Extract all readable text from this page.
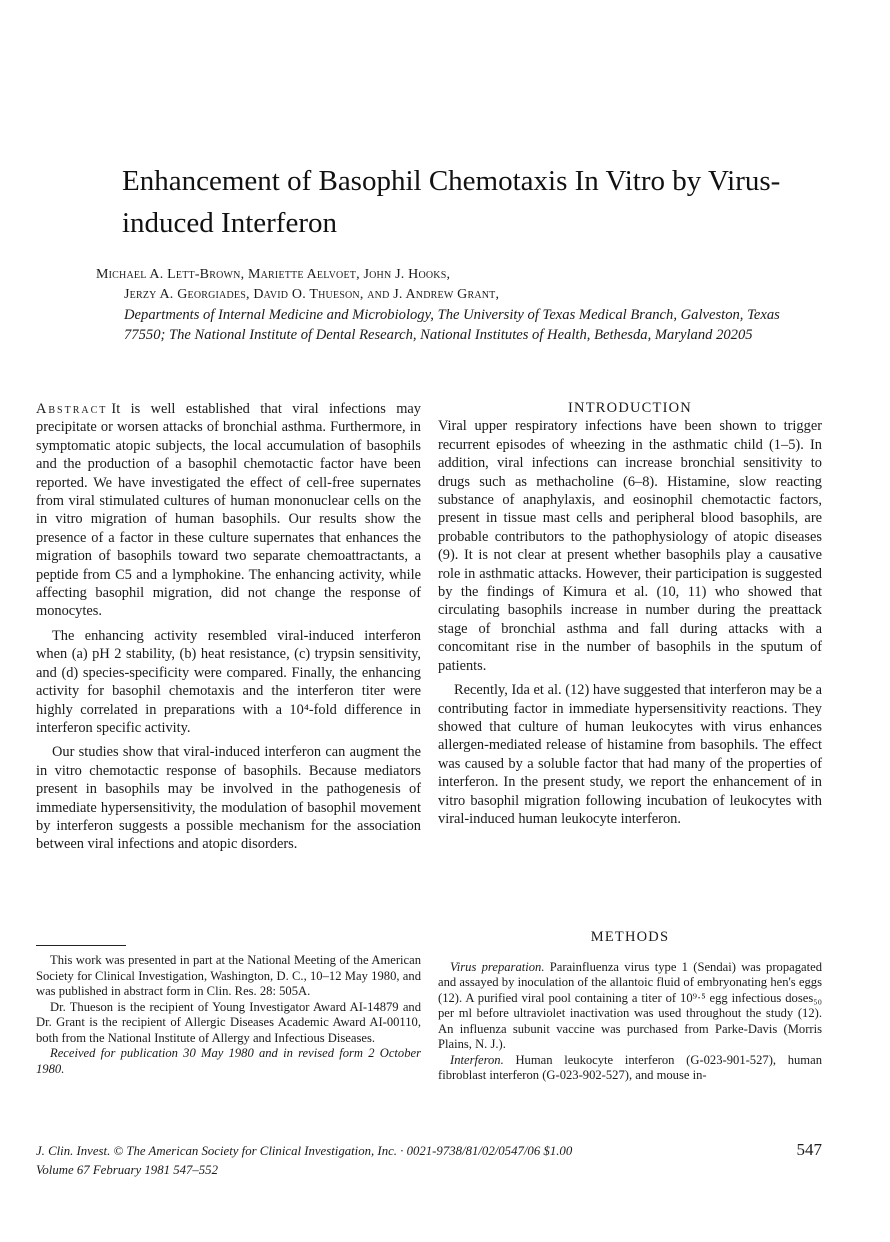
Enhancement of Basophil Chemotaxis In Vitro by Virus-induced Interferon
Michael A. Lett-Brown, Mariette Aelvoet, John J. Hooks,
Jerzy A. Georgiades, David O. Thueson, and J. Andrew Grant,
Departments of Internal Medicine and Microbiology, The University of Texas Medical Branch, Galveston, Texas 77550; The National Institute of Dental Research, National Institutes of Health, Bethesda, Maryland 20205

Abstract It is well established that viral infections may precipitate or worsen attacks of bronchial asthma. Furthermore, in symptomatic atopic subjects, the local accumulation of basophils and the production of a basophil chemotactic factor have been reported. We have investigated the effect of cell-free supernates from viral stimulated cultures of human mononuclear cells on the in vitro migration of human basophils. Our results show the presence of a factor in these culture supernates that enhances the migration of basophils toward two separate chemoattractants, a peptide from C5 and a lymphokine. The enhancing activity, while affecting basophil migration, did not change the response of monocytes.

The enhancing activity resembled viral-induced interferon when (a) pH 2 stability, (b) heat resistance, (c) trypsin sensitivity, and (d) species-specificity were compared. Finally, the enhancing activity for basophil chemotaxis and the interferon titer were highly correlated in preparations with a 10⁴-fold difference in interferon specific activity.

Our studies show that viral-induced interferon can augment the in vitro chemotactic response of basophils. Because mediators present in basophils may be involved in the pathogenesis of immediate hypersensitivity, the modulation of basophil movement by interferon suggests a possible mechanism for the association between viral infections and atopic disorders.

INTRODUCTION

Viral upper respiratory infections have been shown to trigger recurrent episodes of wheezing in the asthmatic child (1–5). In addition, viral infections can increase bronchial sensitivity to drugs such as methacholine (6–8). Histamine, slow reacting substance of anaphylaxis, and eosinophil chemotactic factors, present in tissue mast cells and peripheral blood basophils, are probable contributors to the pathophysiology of atopic diseases (9). It is not clear at present whether basophils play a causative role in asthmatic attacks. However, their participation is suggested by the findings of Kimura et al. (10, 11) who showed that circulating basophils increase in number during the preattack stage of bronchial asthma and fall during attacks with a concomitant rise in the number of basophils in the sputum of patients.

Recently, Ida et al. (12) have suggested that interferon may be a contributing factor in immediate hypersensitivity reactions. They showed that culture of human leukocytes with virus enhances allergen-mediated release of histamine from basophils. The effect was caused by a soluble factor that had many of the properties of interferon. In the present study, we report the enhancement of in vitro basophil migration following incubation of leukocytes with viral-induced human leukocyte interferon.

This work was presented in part at the National Meeting of the American Society for Clinical Investigation, Washington, D. C., 10–12 May 1980, and was published in abstract form in Clin. Res. 28: 505A.

Dr. Thueson is the recipient of Young Investigator Award AI-14879 and Dr. Grant is the recipient of Allergic Diseases Academic Award AI-00110, both from the National Institute of Allergy and Infectious Diseases.

Received for publication 30 May 1980 and in revised form 2 October 1980.

METHODS

Virus preparation. Parainfluenza virus type 1 (Sendai) was propagated and assayed by inoculation of the allantoic fluid of embryonating hen's eggs (12). A purified viral pool containing a titer of 10⁹·⁵ egg infectious doses₅₀ per ml before ultraviolet inactivation was used throughout the study (12). An influenza subunit vaccine was purchased from Parke-Davis (Morris Plains, N. J.).

Interferon. Human leukocyte interferon (G-023-901-527), human fibroblast interferon (G-023-902-527), and mouse in-

J. Clin. Invest. © The American Society for Clinical Investigation, Inc. · 0021-9738/81/02/0547/06 $1.00
Volume 67 February 1981 547–552
547
